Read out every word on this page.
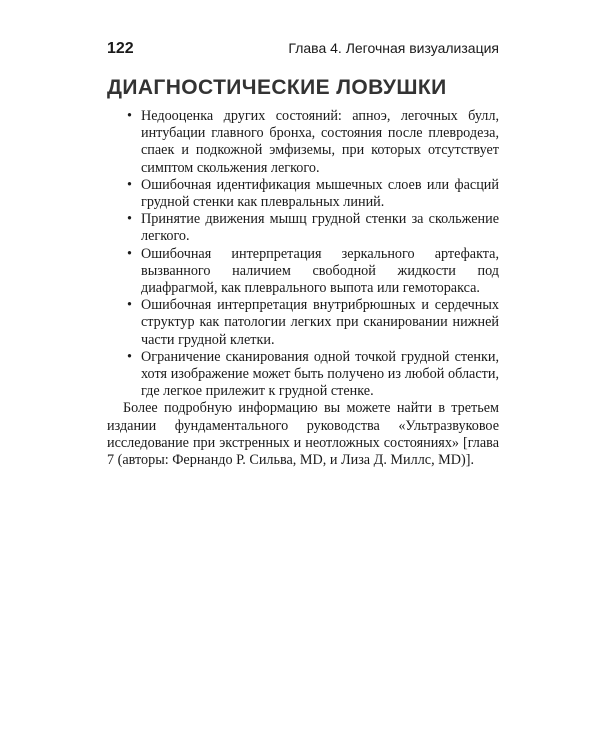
122	Глава 4. Легочная визуализация
ДИАГНОСТИЧЕСКИЕ ЛОВУШКИ
• Недооценка других состояний: апноэ, легочных булл, интубации главного бронха, состояния после плевродеза, спаек и подкожной эмфиземы, при которых отсутствует симптом скольжения легкого.
• Ошибочная идентификация мышечных слоев или фасций грудной стенки как плевральных линий.
• Принятие движения мышц грудной стенки за скольжение легкого.
• Ошибочная интерпретация зеркального артефакта, вызванного наличием свободной жидкости под диафрагмой, как плеврального выпота или гемоторакса.
• Ошибочная интерпретация внутрибрюшных и сердечных структур как патологии легких при сканировании нижней части грудной клетки.
• Ограничение сканирования одной точкой грудной стенки, хотя изображение может быть получено из любой области, где легкое прилежит к грудной стенке.

Более подробную информацию вы можете найти в третьем издании фундаментального руководства «Ультразвуковое исследование при экстренных и неотложных состояниях» [глава 7 (авторы: Фернандо Р. Сильва, MD, и Лиза Д. Миллс, MD)].
